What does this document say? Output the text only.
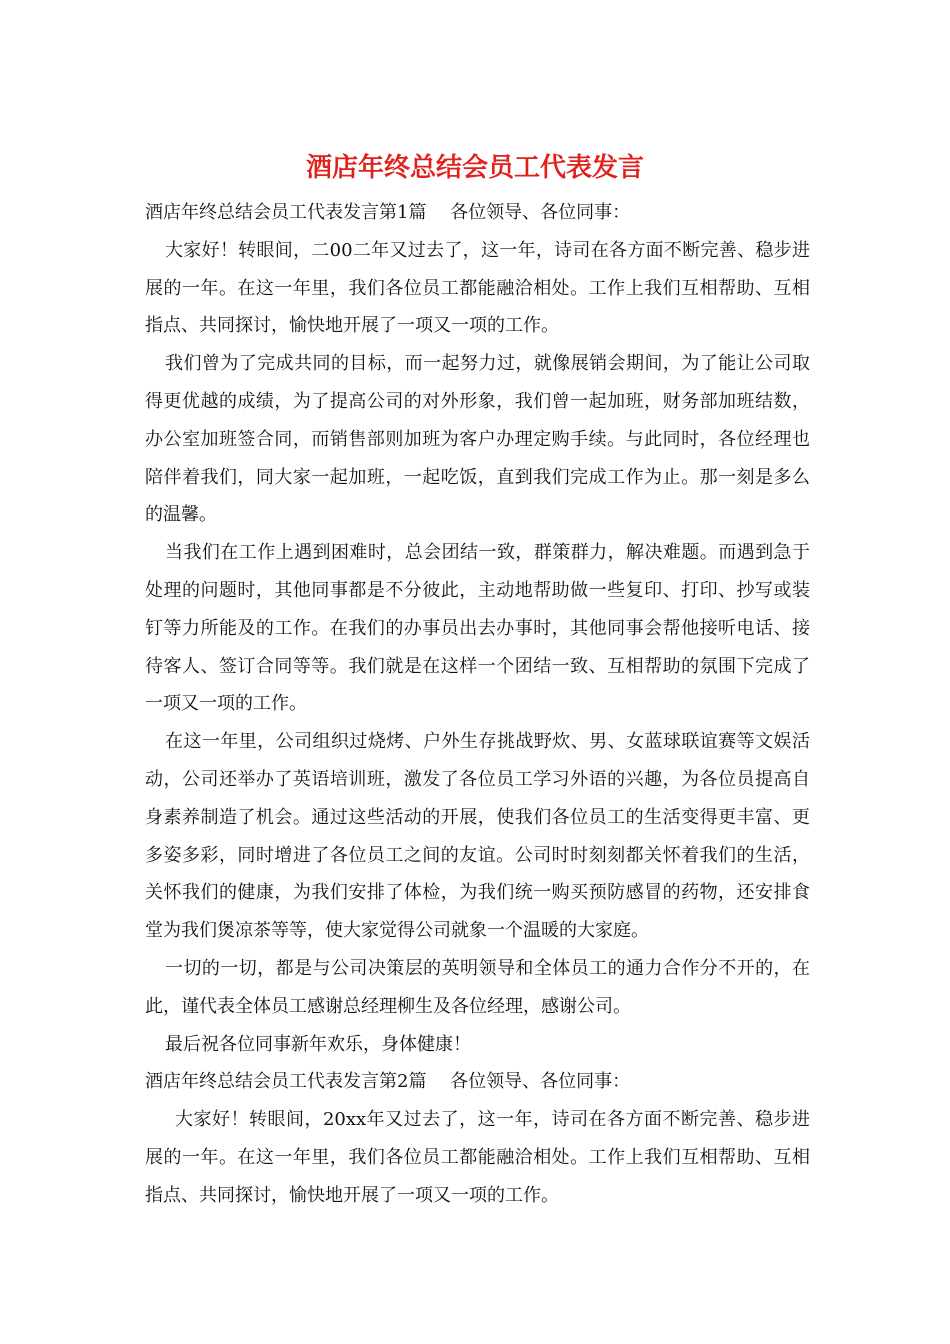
酒店年终总结会员工代表发言

酒店年终总结会员工代表发言第1篇　 各位领导、各位同事：

大家好！转眼间，二00二年又过去了，这一年，诗司在各方面不断完善、稳步进展的一年。在这一年里，我们各位员工都能融洽相处。工作上我们互相帮助、互相指点、共同探讨，愉快地开展了一项又一项的工作。

我们曾为了完成共同的目标，而一起努力过，就像展销会期间，为了能让公司取得更优越的成绩，为了提高公司的对外形象，我们曾一起加班，财务部加班结数，办公室加班签合同，而销售部则加班为客户办理定购手续。与此同时，各位经理也陪伴着我们，同大家一起加班，一起吃饭，直到我们完成工作为止。那一刻是多么的温馨。

当我们在工作上遇到困难时，总会团结一致，群策群力，解决难题。而遇到急于处理的问题时，其他同事都是不分彼此，主动地帮助做一些复印、打印、抄写或装钉等力所能及的工作。在我们的办事员出去办事时，其他同事会帮他接听电话、接待客人、签订合同等等。我们就是在这样一个团结一致、互相帮助的氛围下完成了一项又一项的工作。

在这一年里，公司组织过烧烤、户外生存挑战野炊、男、女蓝球联谊赛等文娱活动，公司还举办了英语培训班，激发了各位员工学习外语的兴趣，为各位员提高自身素养制造了机会。通过这些活动的开展，使我们各位员工的生活变得更丰富、更多姿多彩，同时增进了各位员工之间的友谊。公司时时刻刻都关怀着我们的生活，关怀我们的健康，为我们安排了体检，为我们统一购买预防感冒的药物，还安排食堂为我们煲凉茶等等，使大家觉得公司就象一个温暖的大家庭。

一切的一切，都是与公司决策层的英明领导和全体员工的通力合作分不开的，在此，谨代表全体员工感谢总经理柳生及各位经理，感谢公司。

最后祝各位同事新年欢乐，身体健康！

酒店年终总结会员工代表发言第2篇　 各位领导、各位同事：

大家好！转眼间，20xx年又过去了，这一年，诗司在各方面不断完善、稳步进展的一年。在这一年里，我们各位员工都能融洽相处。工作上我们互相帮助、互相指点、共同探讨，愉快地开展了一项又一项的工作。
